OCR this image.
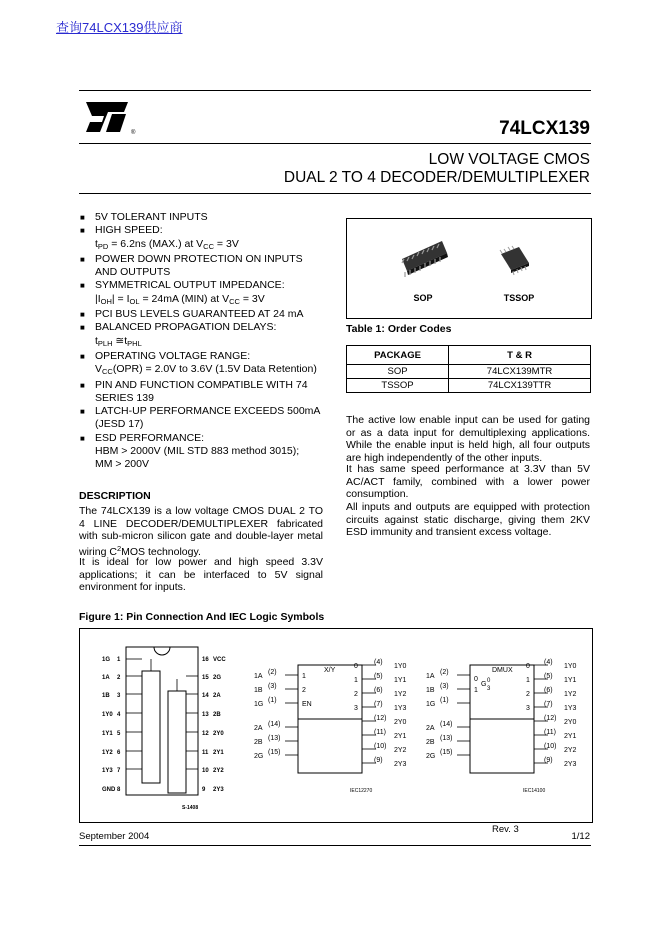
查询74LCX139供应商
®	74LCX139
LOW VOLTAGE CMOS
DUAL 2 TO 4 DECODER/DEMULTIPLEXER
■ 5V TOLERANT INPUTS
■ HIGH SPEED:
$t_{PD} = 6.2ns$ (MAX.) at $V_{CC} = 3V$
■ POWER DOWN PROTECTION ON INPUTS AND OUTPUTS
■ SYMMETRICAL OUTPUT IMPEDANCE:
$|I_{OH}| = I_{OL} = 24mA$ (MIN) at $V_{CC} = 3V$
■ PCI BUS LEVELS GUARANTEED AT 24 mA
■ BALANCED PROPAGATION DELAYS:
$t_{PLH}$ $≅t_{PHL}$
■ OPERATING VOLTAGE RANGE:
$V_{CC}(OPR) = 2.0V$ to 3.6V (1.5V Data Retention)
■ PIN AND FUNCTION COMPATIBLE WITH 74 SERIES 139
■ LATCH-UP PERFORMANCE EXCEEDS 500mA (JESD 17)
■ ESD PERFORMANCE:
HBM > 2000V (MIL STD 883 method 3015);
MM > 200V
DESCRIPTION
The 74LCX139 is a low voltage CMOS DUAL 2 TO 4 LINE DECODER/DEMULTIPLEXER fabricated with sub-micron silicon gate and double-layer metal wiring $C^2MOS$ technology.
It is ideal for low power and high speed 3.3V applications; it can be interfaced to 5V signal environment for inputs.
SOP	TSSOP
Table 1: Order Codes
PACKAGE	T & R
SOP	74LCX139MTR
TSSOP	74LCX139TTR
The active low enable input can be used for gating or as a data input for demultiplexing applications. While the enable input is held high, all four outputs are high independently of the other inputs.
It has same speed performance at 3.3V than 5V AC/ACT family, combined with a lower power consumption.
All inputs and outputs are equipped with protection circuits against static discharge, giving them 2KV ESD immunity and transient excess voltage.
Figure 1: Pin Connection And IEC Logic Symbols
1G
1A
1B
1Y0
1Y1
1Y2
1Y3
GND
1
2
3
4
5
6
7
8
16
15
14
13
12
11
10
9
VCC
2G
2A
2B
2Y0
2Y1
2Y2
2Y3
S-1408
X/Y
1
2
EN
0
1
2
3
1A
1B
1G
2A
2B
2G
(2)
(3)
(1)
(14)
(13)
(15)
(4)
(5)
(6)
(7)
(12)
(11)
(10)
(9)
1Y0
1Y1
1Y2
1Y3
2Y0
2Y1
2Y2
2Y3
IEC12270
DMUX
0
1
G 0
3
0
1
2
3
1A
1B
1G
2A
2B
2G
(2)
(3)
(1)
(14)
(13)
(15)
(4)
(5)
(6)
(7)
(12)
(11)
(10)
(9)
1Y0
1Y1
1Y2
1Y3
2Y0
2Y1
2Y2
2Y3
IEC14100
Rev. 3
September 2004	1/12
